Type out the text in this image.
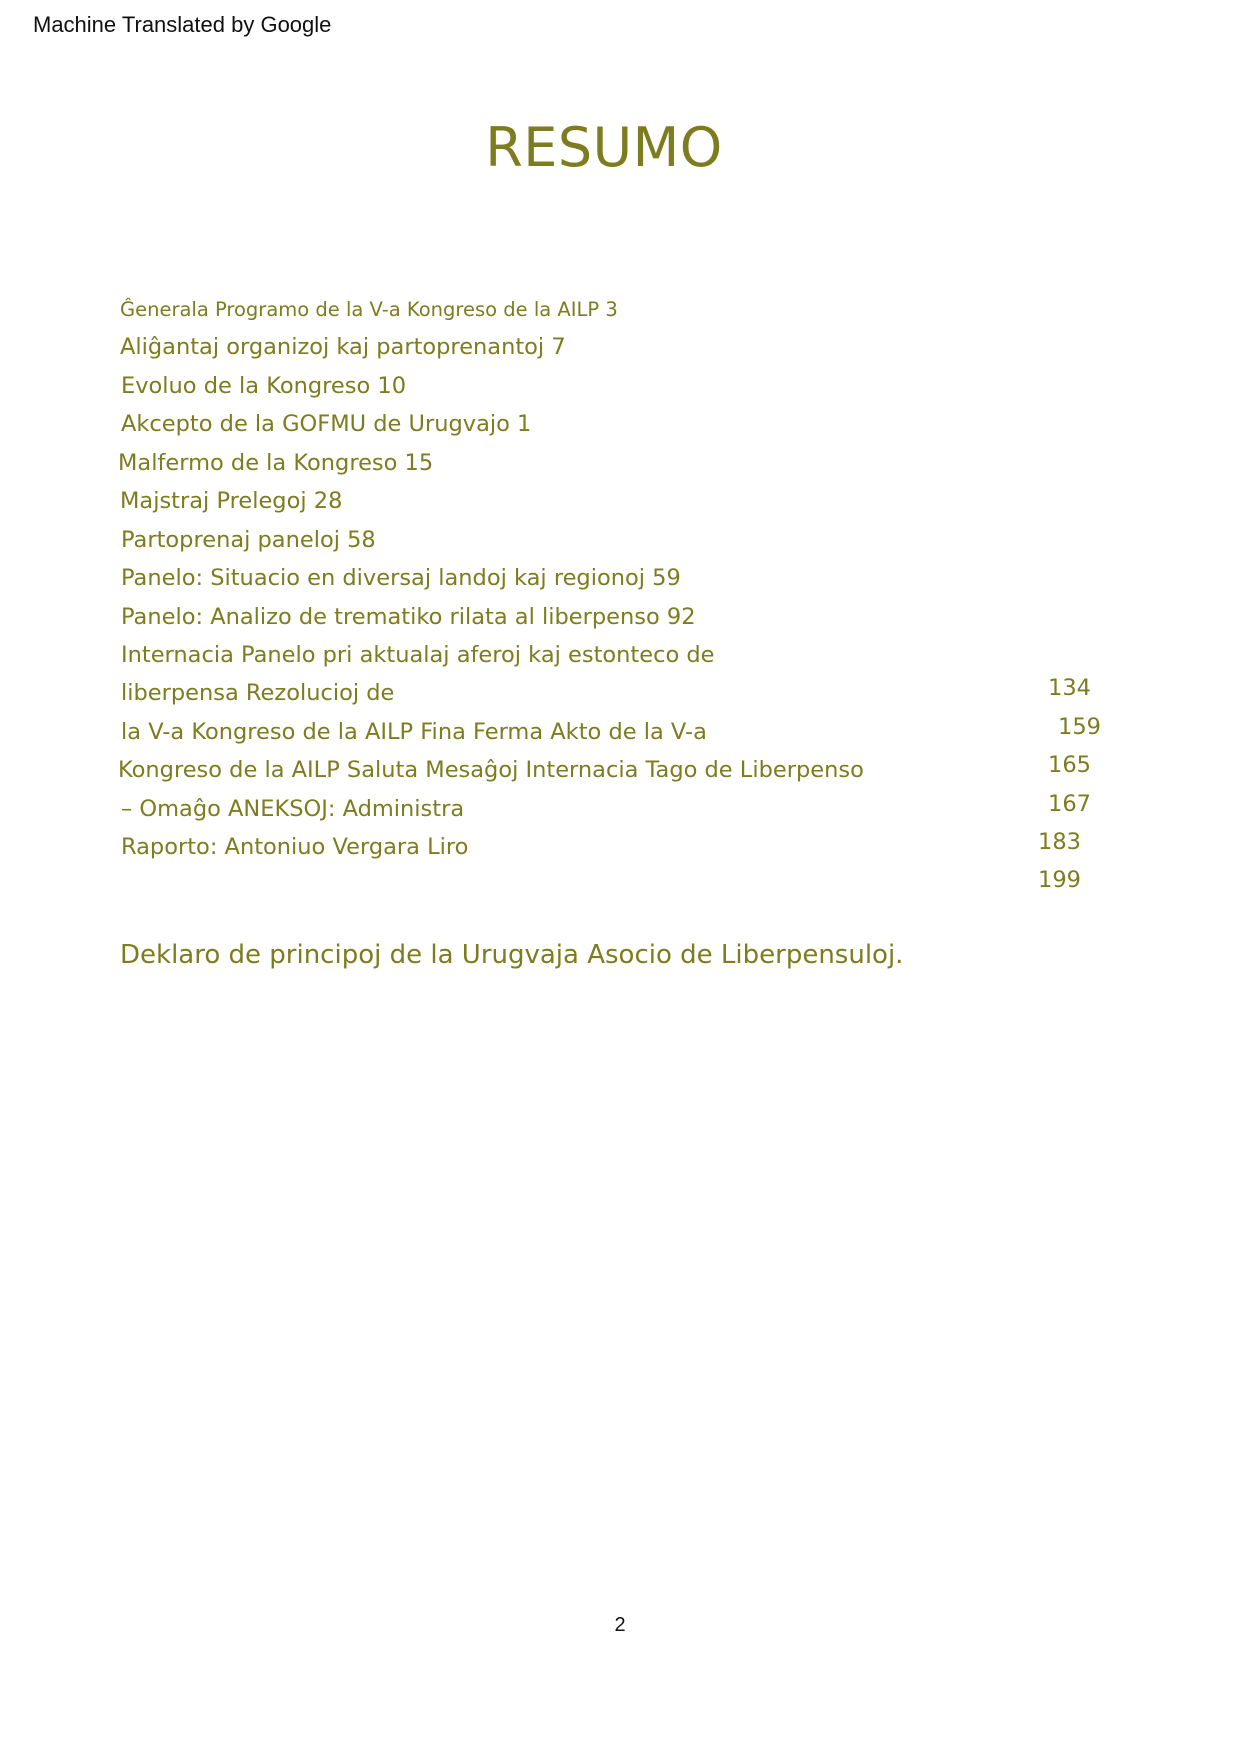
Machine Translated by Google
RESUMO
Ĝenerala Programo de la V-a Kongreso de la AILP 3
Aliĝantaj organizoj kaj partoprenantoj 7
Evoluo de la Kongreso 10
Akcepto de la GOFMU de Urugvajo 1
Malfermo de la Kongreso 15
Majstraj Prelegoj 28
Partoprenaj paneloj 58
Panelo: Situacio en diversaj landoj kaj regionoj 59
Panelo: Analizo de trematiko rilata al liberpenso 92
Internacia Panelo pri aktualaj aferoj kaj estonteco de
liberpensa Rezolucioj de
la V-a Kongreso de la AILP Fina Ferma Akto de la V-a
Kongreso de la AILP Saluta Mesaĝoj Internacia Tago de Liberpenso
– Omaĝo ANEKSOJ: Administra
Raporto: Antoniuo Vergara Liro
134
159
165
167
183
199
Deklaro de principoj de la Urugvaja Asocio de Liberpensuloj.
2
